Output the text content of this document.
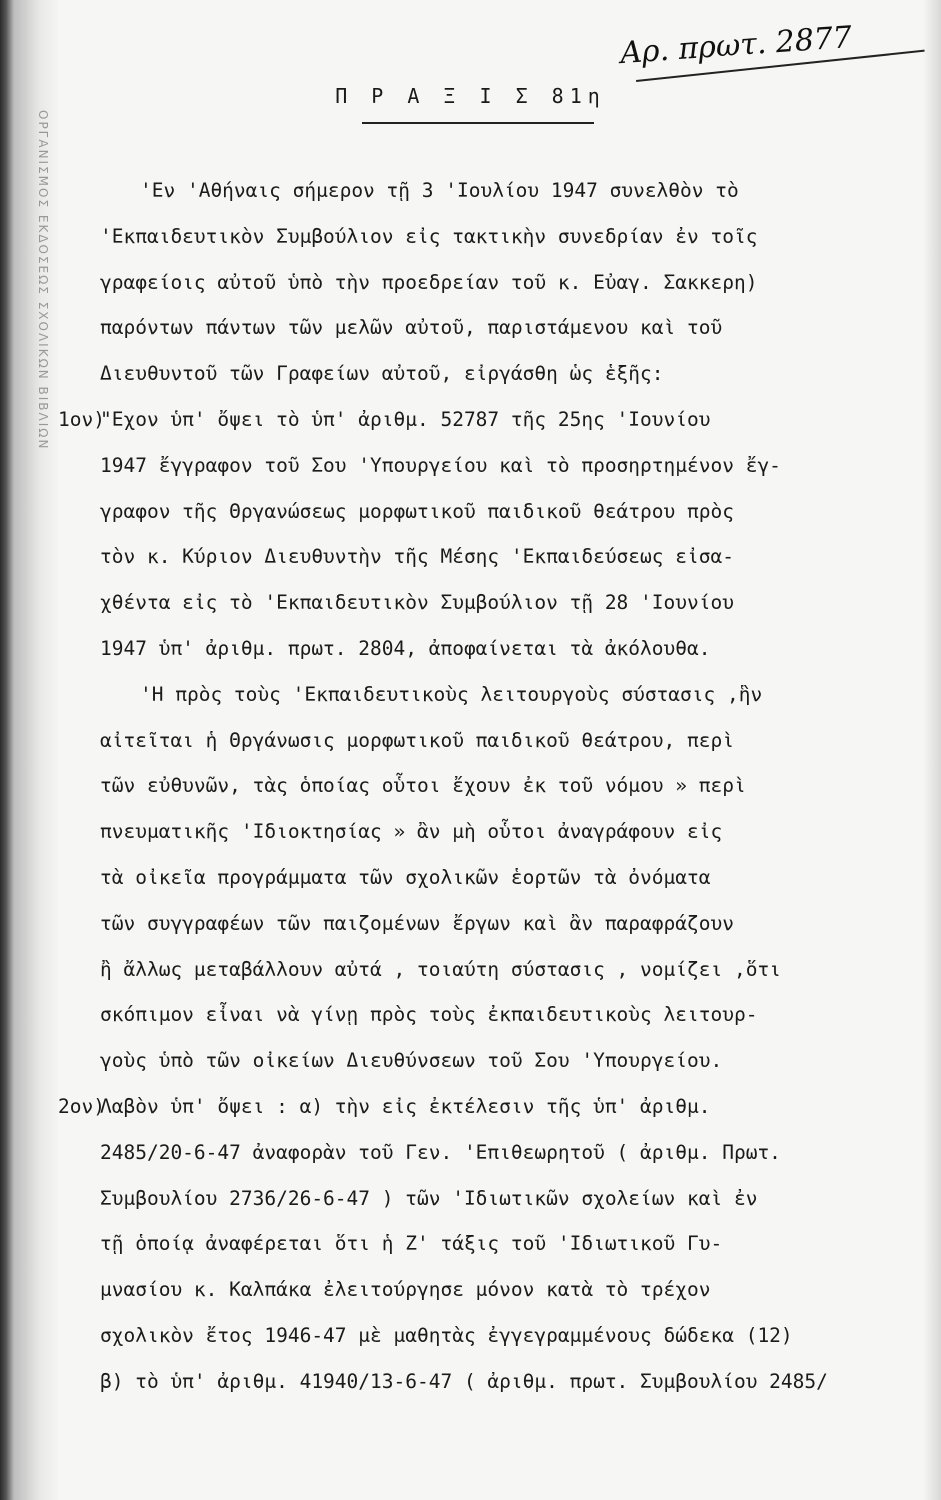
ΟΡΓΑΝΙΣΜΟΣ ΕΚΔΟΣΕΩΣ ΣΧΟΛΙΚΩΝ ΒΙΒΛΙΩΝ
Αρ. πρωτ. 2877
Π Ρ Α Ξ Ι Σ 81η
'Εν 'Αθήναις σήμερον τῇ 3 'Ιουλίου 1947 συνελθὸν τὸ
'Εκπαιδευτικὸν Συμβούλιον εἰς τακτικὴν συνεδρίαν ἐν τοῖς
γραφείοις αὐτοῦ ὑπὸ τὴν προεδρείαν τοῦ κ. Εὐαγ. Σακκερη)
παρόντων πάντων τῶν μελῶν αὐτοῦ, παριστάμενου καὶ τοῦ
Διευθυντοῦ τῶν Γραφείων αὐτοῦ, εἰργάσθη ὡς ἑξῆς:
1ον)
"Εχον ὑπ' ὄψει τὸ ὑπ' ἀριθμ. 52787 τῆς 25ης 'Ιουνίου
1947 ἔγγραφον τοῦ Σου 'Υπουργείου καὶ τὸ προσηρτημένον ἔγ-
γραφον τῆς Θργανώσεως μορφωτικοῦ παιδικοῦ θεάτρου πρὸς
τὸν κ. Κύριον Διευθυντὴν τῆς Μέσης 'Εκπαιδεύσεως εἰσα-
χθέντα εἰς τὸ 'Εκπαιδευτικὸν Συμβούλιον τῇ 28 'Ιουνίου
1947 ὑπ' ἀριθμ. πρωτ. 2804, ἀποφαίνεται τὰ ἀκόλουθα.
'Η πρὸς τοὺς 'Εκπαιδευτικοὺς λειτουργοὺς σύστασις ,ἣν
αἰτεῖται ἡ Θργάνωσις μορφωτικοῦ παιδικοῦ θεάτρου, περὶ
τῶν εὐθυνῶν, τὰς ὁποίας οὗτοι ἔχουν ἐκ τοῦ νόμου » περὶ
πνευματικῆς 'Ιδιοκτησίας » ἂν μὴ οὗτοι ἀναγράφουν εἰς
τὰ οἰκεῖα προγράμματα τῶν σχολικῶν ἑορτῶν τὰ ὀνόματα
τῶν συγγραφέων τῶν παιζομένων ἔργων καὶ ἂν παραφράζουν
ἢ ἄλλως μεταβάλλουν αὐτά , τοιαύτη σύστασις , νομίζει ,ὅτι
σκόπιμον εἶναι νὰ γίνῃ πρὸς τοὺς ἐκπαιδευτικοὺς λειτουρ-
γοὺς ὑπὸ τῶν οἰκείων Διευθύνσεων τοῦ Σου 'Υπουργείου.
2ον)
Λαβὸν ὑπ' ὄψει : α) τὴν εἰς ἐκτέλεσιν τῆς ὑπ' ἀριθμ.
2485/20-6-47 ἀναφορὰν τοῦ Γεν. 'Επιθεωρητοῦ ( ἀριθμ. Πρωτ.
Συμβουλίου 2736/26-6-47 ) τῶν 'Ιδιωτικῶν σχολείων καὶ ἐν
τῇ ὁποίᾳ ἀναφέρεται ὅτι ἡ Ζ' τάξις τοῦ 'Ιδιωτικοῦ Γυ-
μνασίου κ. Καλπάκα ἐλειτούργησε μόνον κατὰ τὸ τρέχον
σχολικὸν ἔτος 1946-47 μὲ μαθητὰς ἐγγεγραμμένους δώδεκα (12)
β) τὸ ὑπ' ἀριθμ. 41940/13-6-47 ( ἀριθμ. πρωτ. Συμβουλίου 2485/
